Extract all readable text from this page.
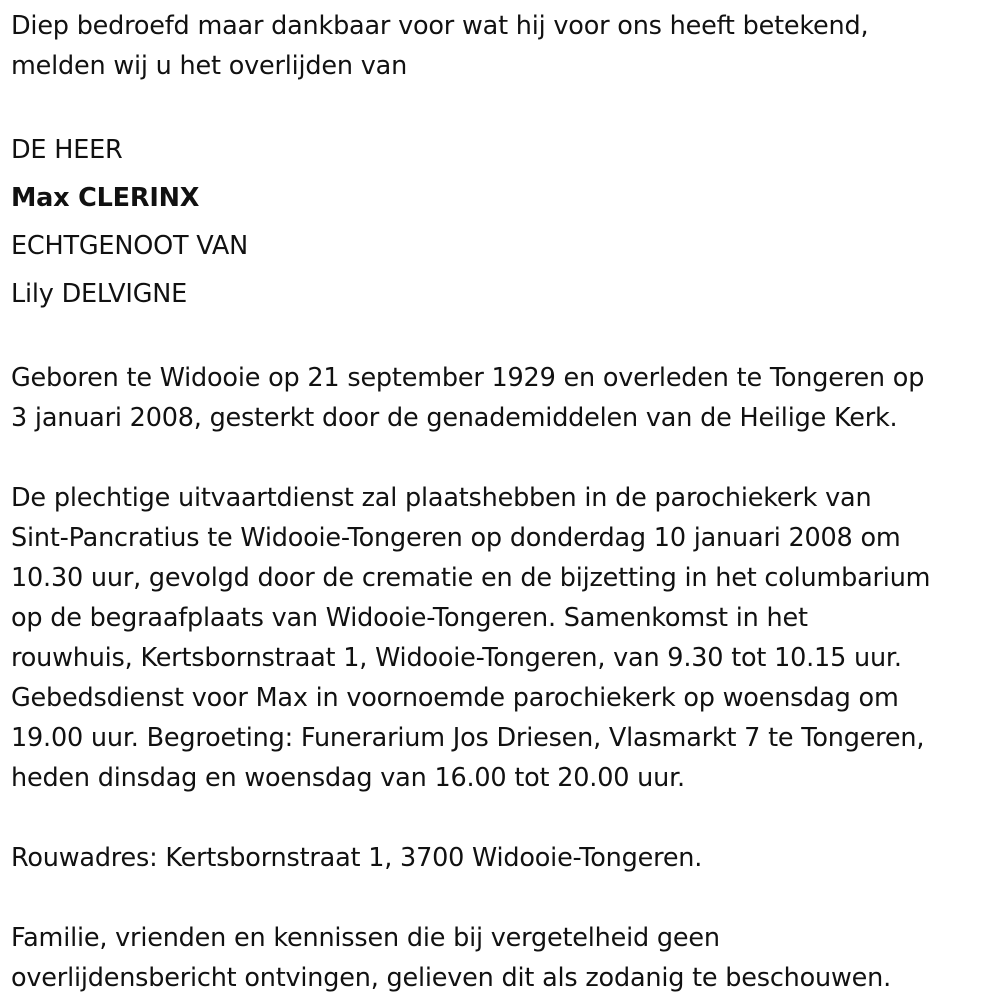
Diep bedroefd maar dankbaar voor wat hij voor ons heeft betekend,
melden wij u het overlijden van
DE HEER
Max CLERINX
ECHTGENOOT VAN
Lily DELVIGNE
Geboren te Widooie op 21 september 1929 en overleden te Tongeren op
3 januari 2008, gesterkt door de genademiddelen van de Heilige Kerk.
De plechtige uitvaartdienst zal plaatshebben in de parochiekerk van
Sint-Pancratius te Widooie-Tongeren op donderdag 10 januari 2008 om
10.30 uur, gevolgd door de crematie en de bijzetting in het columbarium
op de begraafplaats van Widooie-Tongeren. Samenkomst in het
rouwhuis, Kertsbornstraat 1, Widooie-Tongeren, van 9.30 tot 10.15 uur.
Gebedsdienst voor Max in voornoemde parochiekerk op woensdag om
19.00 uur. Begroeting: Funerarium Jos Driesen, Vlasmarkt 7 te Tongeren,
heden dinsdag en woensdag van 16.00 tot 20.00 uur.
Rouwadres: Kertsbornstraat 1, 3700 Widooie-Tongeren.
Familie, vrienden en kennissen die bij vergetelheid geen
overlijdensbericht ontvingen, gelieven dit als zodanig te beschouwen.
